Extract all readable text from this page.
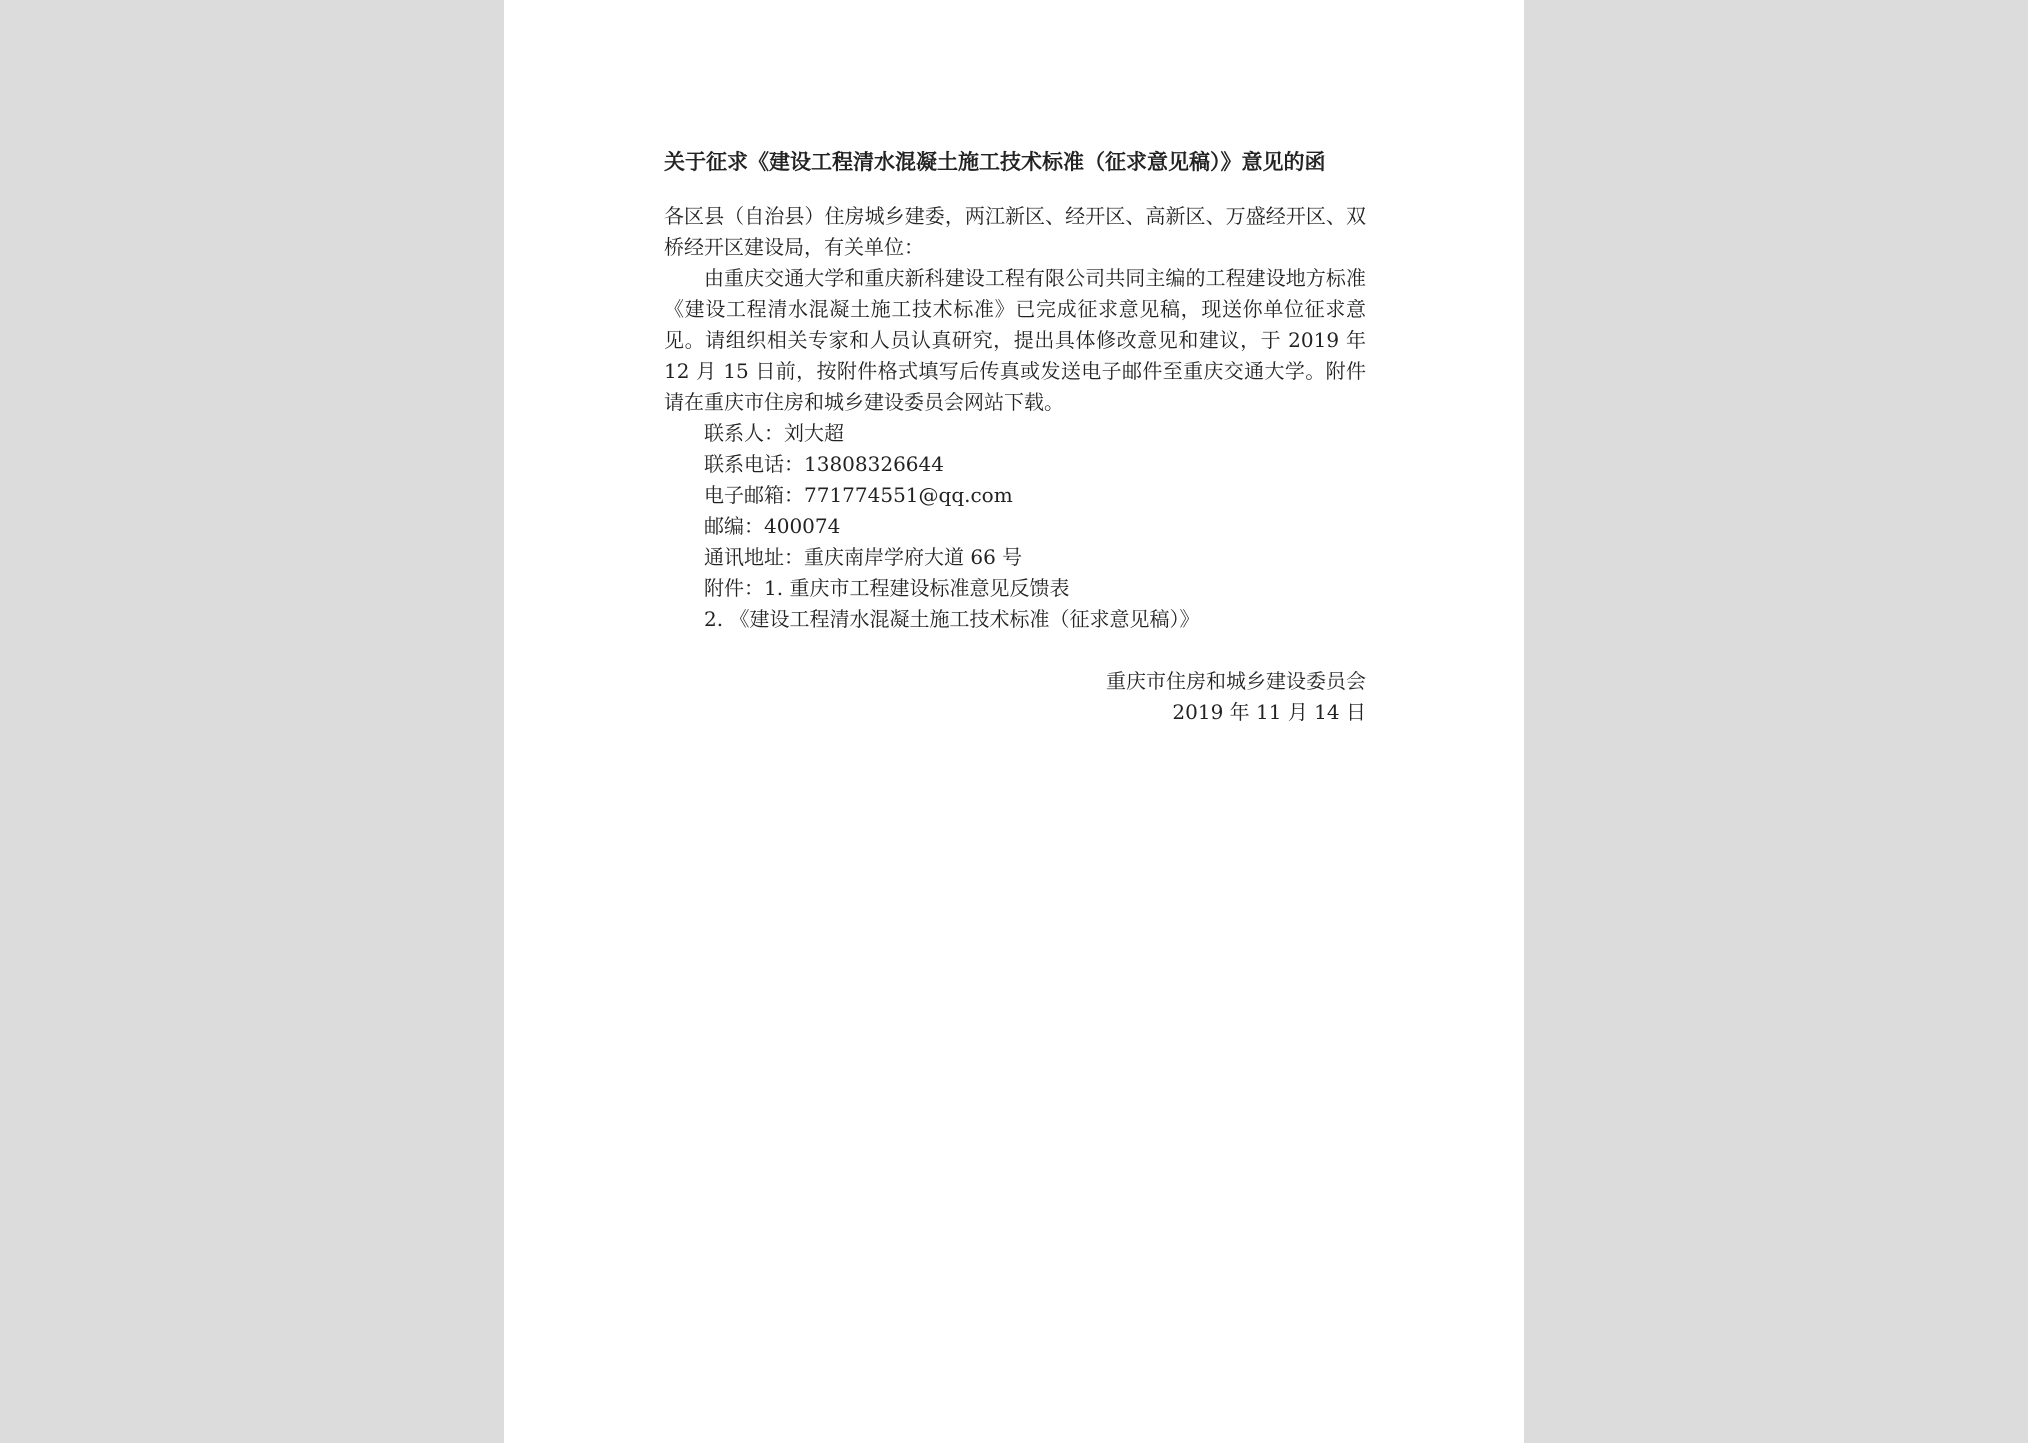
关于征求《建设工程清水混凝土施工技术标准（征求意见稿）》意见的函

各区县（自治县）住房城乡建委，两江新区、经开区、高新区、万盛经开区、双桥经开区建设局，有关单位：

由重庆交通大学和重庆新科建设工程有限公司共同主编的工程建设地方标准《建设工程清水混凝土施工技术标准》已完成征求意见稿，现送你单位征求意见。请组织相关专家和人员认真研究，提出具体修改意见和建议，于 2019 年 12 月 15 日前，按附件格式填写后传真或发送电子邮件至重庆交通大学。附件请在重庆市住房和城乡建设委员会网站下载。

联系人：刘大超

联系电话：13808326644

电子邮箱：771774551@qq.com

邮编：400074

通讯地址：重庆南岸学府大道 66 号

附件：1. 重庆市工程建设标准意见反馈表

2. 《建设工程清水混凝土施工技术标准（征求意见稿）》

重庆市住房和城乡建设委员会
2019 年 11 月 14 日
